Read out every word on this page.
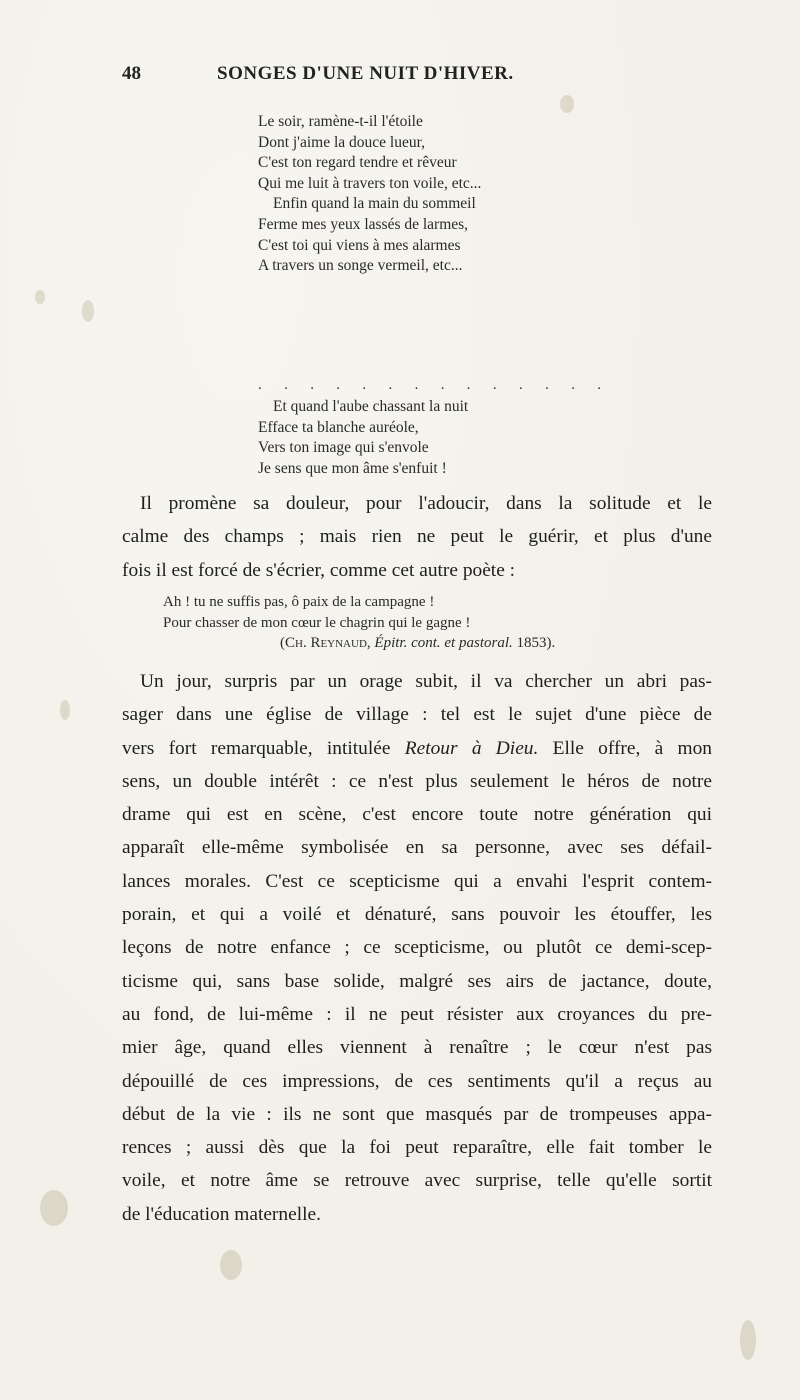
48	SONGES D'UNE NUIT D'HIVER.
Le soir, ramène-t-il l'étoile
Dont j'aime la douce lueur,
C'est ton regard tendre et rêveur
Qui me luit à travers ton voile, etc...
Enfin quand la main du sommeil
Ferme mes yeux lassés de larmes,
C'est toi qui viens à mes alarmes
A travers un songe vermeil, etc...
. . . . . . . . . . . . . .
Et quand l'aube chassant la nuit
Efface ta blanche auréole,
Vers ton image qui s'envole
Je sens que mon âme s'enfuit !
Il promène sa douleur, pour l'adoucir, dans la solitude et le
calme des champs ; mais rien ne peut le guérir, et plus d'une
fois il est forcé de s'écrier, comme cet autre poète :
Ah ! tu ne suffis pas, ô paix de la campagne !
Pour chasser de mon cœur le chagrin qui le gagne !
(Ch. Reynaud, Épitr. cont. et pastoral. 1853).
Un jour, surpris par un orage subit, il va chercher un abri pas-
sager dans une église de village : tel est le sujet d'une pièce de
vers fort remarquable, intitulée Retour à Dieu. Elle offre, à mon
sens, un double intérêt : ce n'est plus seulement le héros de notre
drame qui est en scène, c'est encore toute notre génération qui
apparaît elle-même symbolisée en sa personne, avec ses défail-
lances morales. C'est ce scepticisme qui a envahi l'esprit contem-
porain, et qui a voilé et dénaturé, sans pouvoir les étouffer, les
leçons de notre enfance ; ce scepticisme, ou plutôt ce demi-scep-
ticisme qui, sans base solide, malgré ses airs de jactance, doute,
au fond, de lui-même : il ne peut résister aux croyances du pre-
mier âge, quand elles viennent à renaître ; le cœur n'est pas
dépouillé de ces impressions, de ces sentiments qu'il a reçus au
début de la vie : ils ne sont que masqués par de trompeuses appa-
rences ; aussi dès que la foi peut reparaître, elle fait tomber le
voile, et notre âme se retrouve avec surprise, telle qu'elle sortit
de l'éducation maternelle.
